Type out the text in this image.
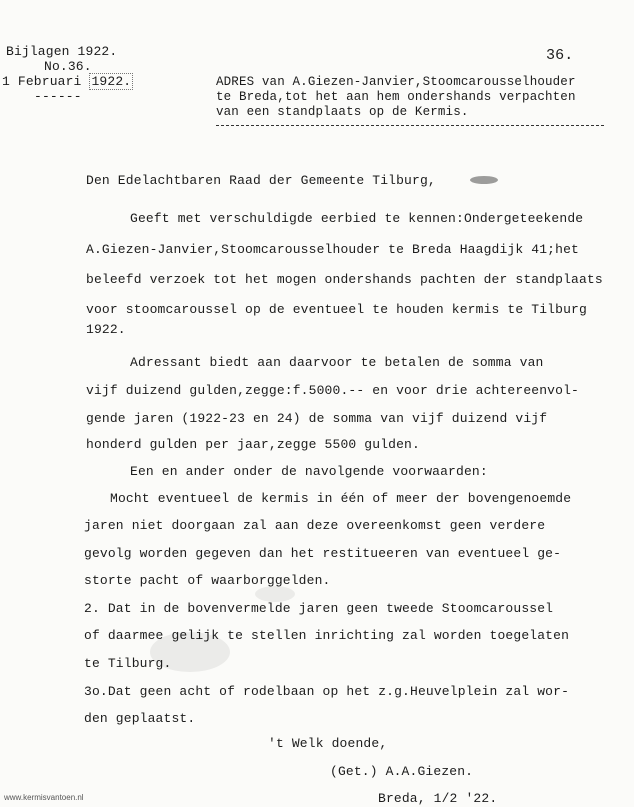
Bijlagen 1922.
No.36.
1 Februari 1922.
------
36.
ADRES van A.Giezen-Janvier,Stoomcarousselhouder
te Breda,tot het aan hem ondershands verpachten
van een standplaats op de Kermis.
Den Edelachtbaren Raad der Gemeente Tilburg,
Geeft met verschuldigde eerbied te kennen:Ondergeteekende
A.Giezen-Janvier,Stoomcarousselhouder te Breda Haagdijk 41;het
beleefd verzoek tot het mogen ondershands pachten der standplaats
voor stoomcaroussel op de eventueel te houden kermis te Tilburg
1922.
Adressant biedt aan daarvoor te betalen de somma van
vijf duizend gulden,zegge:f.5000.-- en voor drie achtereenvol-
gende jaren (1922-23 en 24) de somma van vijf duizend vijf
honderd gulden per jaar,zegge 5500 gulden.
Een en ander onder de navolgende voorwaarden:
Mocht eventueel de kermis in één of meer der bovengenoemde
jaren niet doorgaan zal aan deze overeenkomst geen verdere
gevolg worden gegeven dan het restitueeren van eventueel ge-
storte pacht of waarborggelden.
2. Dat in de bovenvermelde jaren geen tweede Stoomcaroussel
of daarmee gelijk te stellen inrichting zal worden toegelaten
te Tilburg.
3o.Dat geen acht of rodelbaan op het z.g.Heuvelplein zal wor-
den geplaatst.
't Welk doende,
(Get.) A.A.Giezen.
Breda, 1/2 '22.
www.kermisvantoen.nl
